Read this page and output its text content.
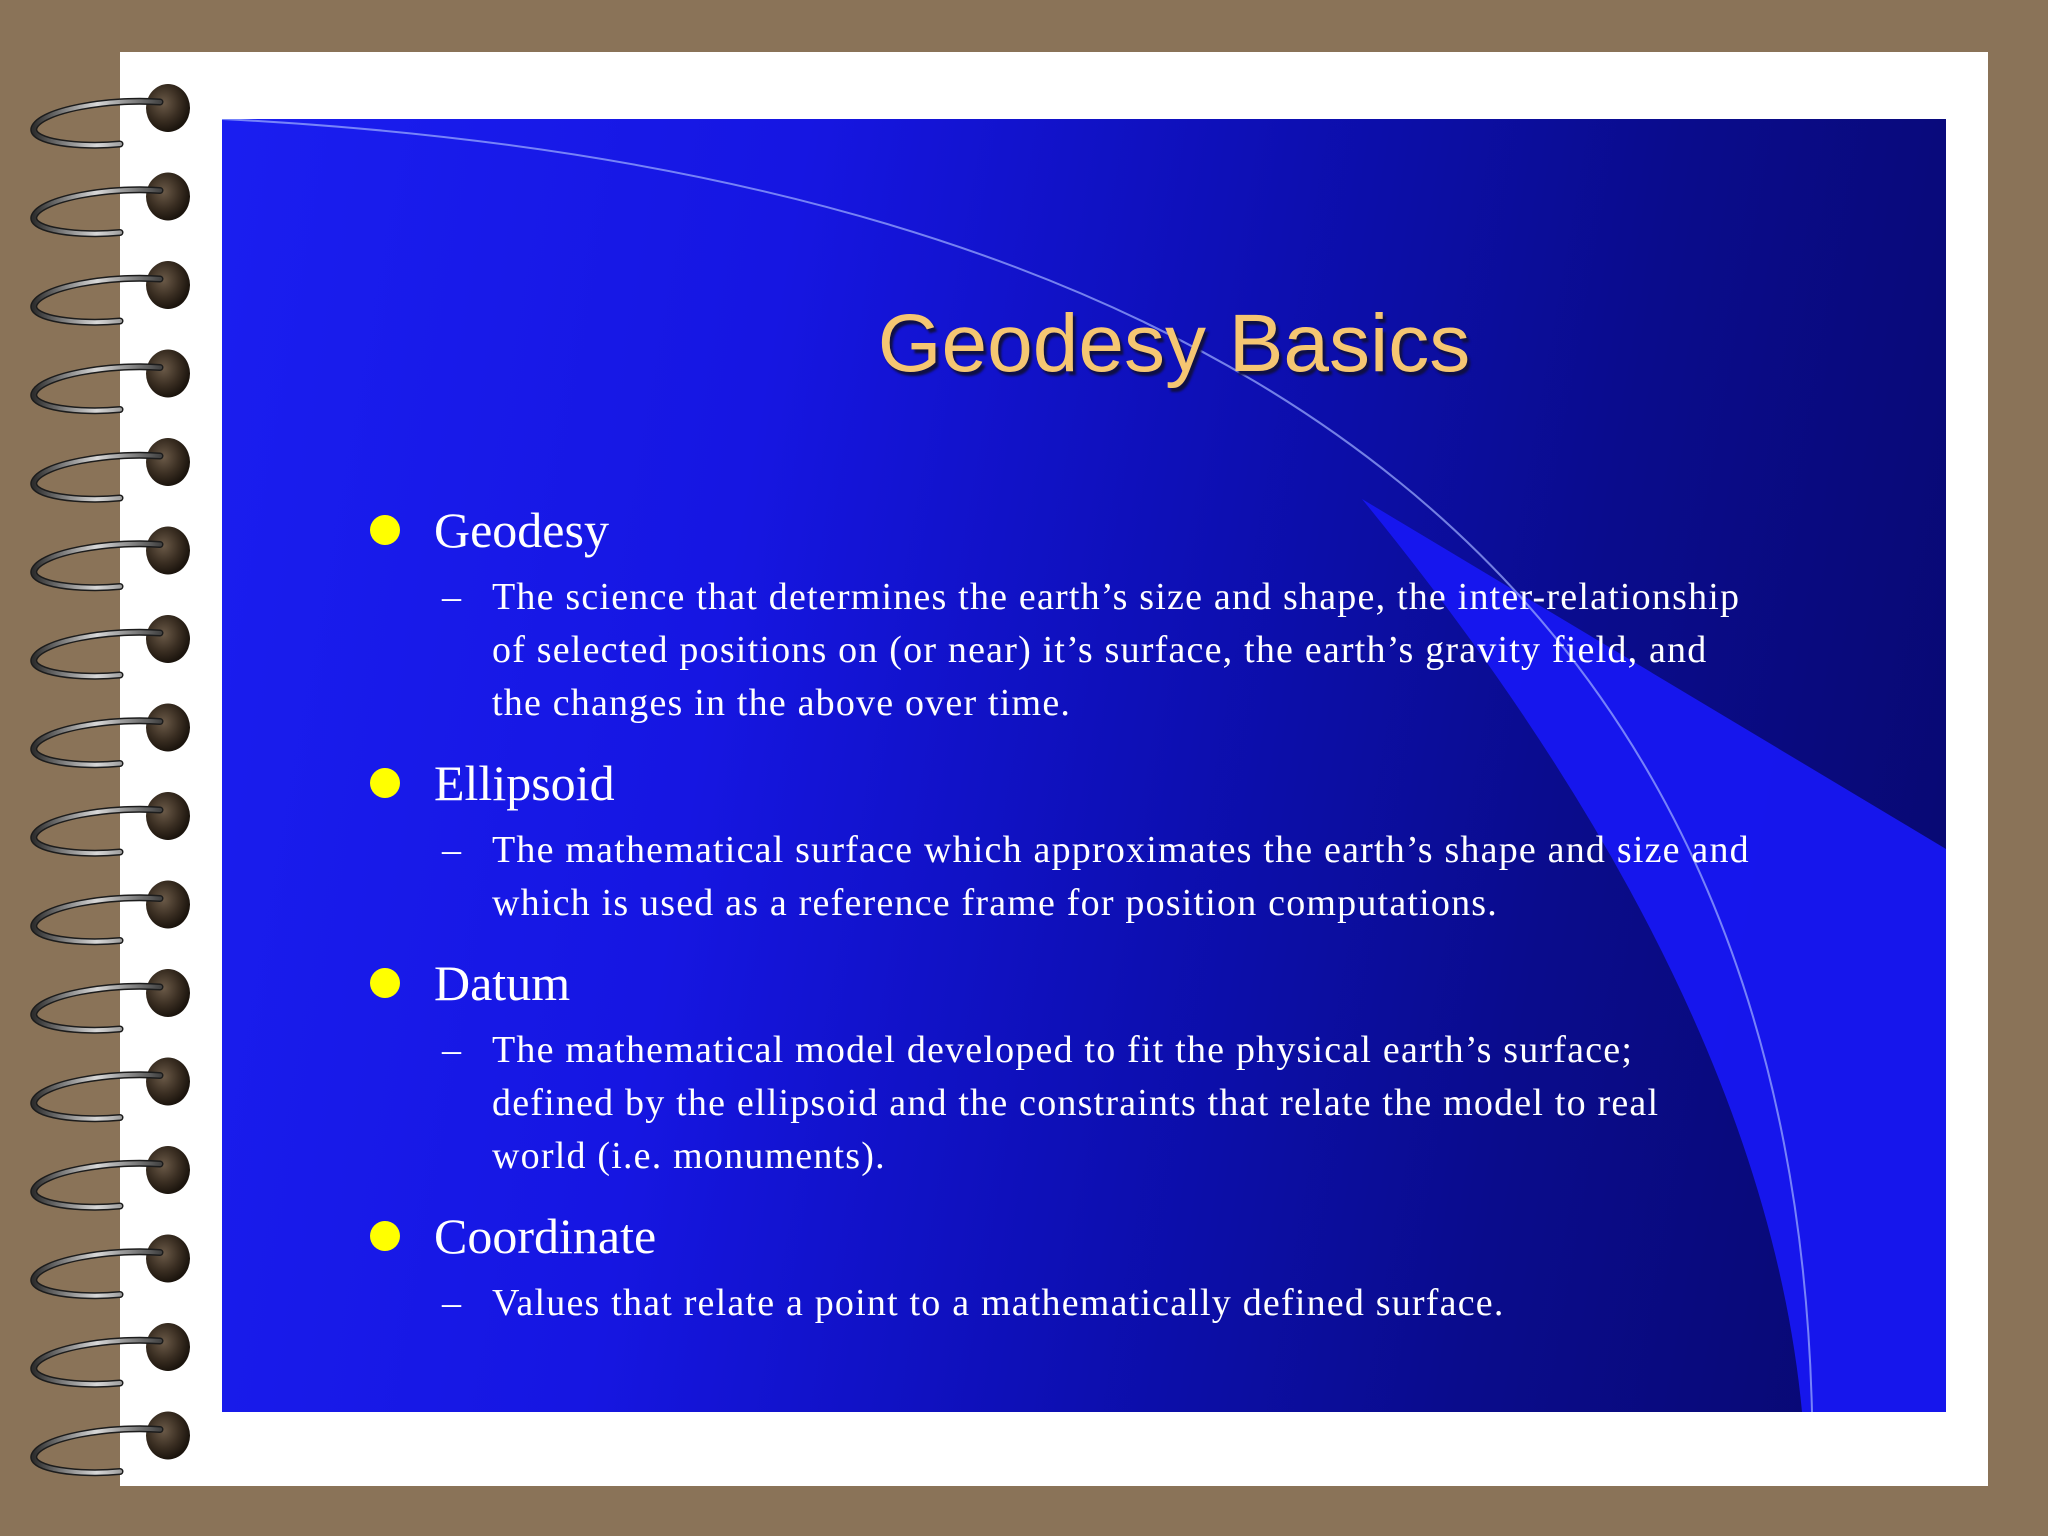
Geodesy Basics
Geodesy
– The science that determines the earth’s size and shape, the inter-relationship of selected positions on (or near) it’s surface, the earth’s gravity field, and the changes in the above over time.
Ellipsoid
– The mathematical surface which approximates the earth’s shape and size and which is used as a reference frame for position computations.
Datum
– The mathematical model developed to fit the physical earth’s surface; defined by the ellipsoid and the constraints that relate the model to real world (i.e. monuments).
Coordinate
– Values that relate a point to a mathematically defined surface.
